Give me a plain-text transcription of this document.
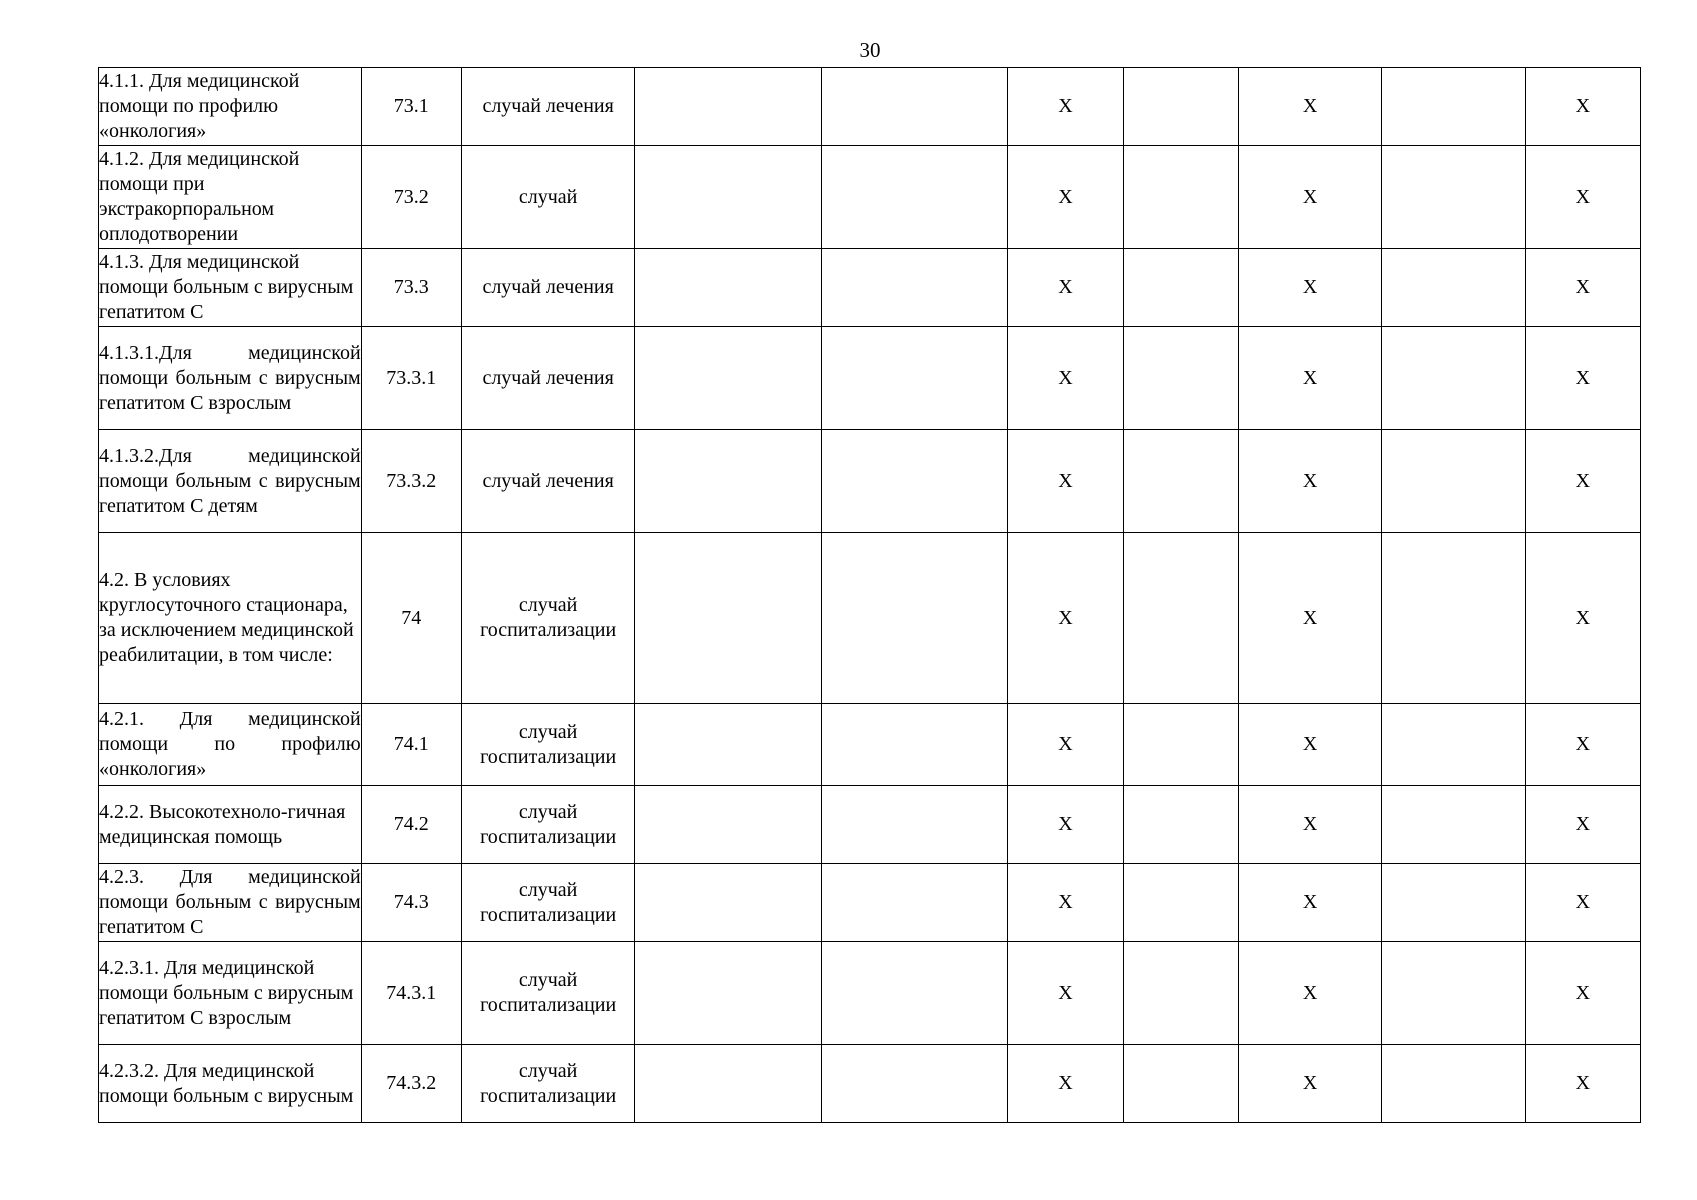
30
4.1.1. Для медицинской помощи по профилю «онкология»	73.1	случай лечения			X		X		X
4.1.2. Для медицинской помощи при экстракорпоральном оплодотворении	73.2	случай			X		X		X
4.1.3. Для медицинской помощи больным с вирусным гепатитом С	73.3	случай лечения			X		X		X
4.1.3.1.Для медицинской помощи больным с вирусным гепатитом С взрослым	73.3.1	случай лечения			X		X		X
4.1.3.2.Для медицинской помощи больным с вирусным гепатитом С детям	73.3.2	случай лечения			X		X		X
4.2. В условиях круглосуточного стационара, за исключением медицинской реабилитации, в том числе:	74	случай госпитализации			X		X		X
4.2.1. Для медицинской помощи по профилю «онкология»	74.1	случай госпитализации			X		X		X
4.2.2. Высокотехноло-гичная медицинская помощь	74.2	случай госпитализации			X		X		X
4.2.3. Для медицинской помощи больным с вирусным гепатитом С	74.3	случай госпитализации			X		X		X
4.2.3.1. Для медицинской помощи больным с вирусным гепатитом С взрослым	74.3.1	случай госпитализации			X		X		X
4.2.3.2. Для медицинской помощи больным с вирусным	74.3.2	случай госпитализации			X		X		X
